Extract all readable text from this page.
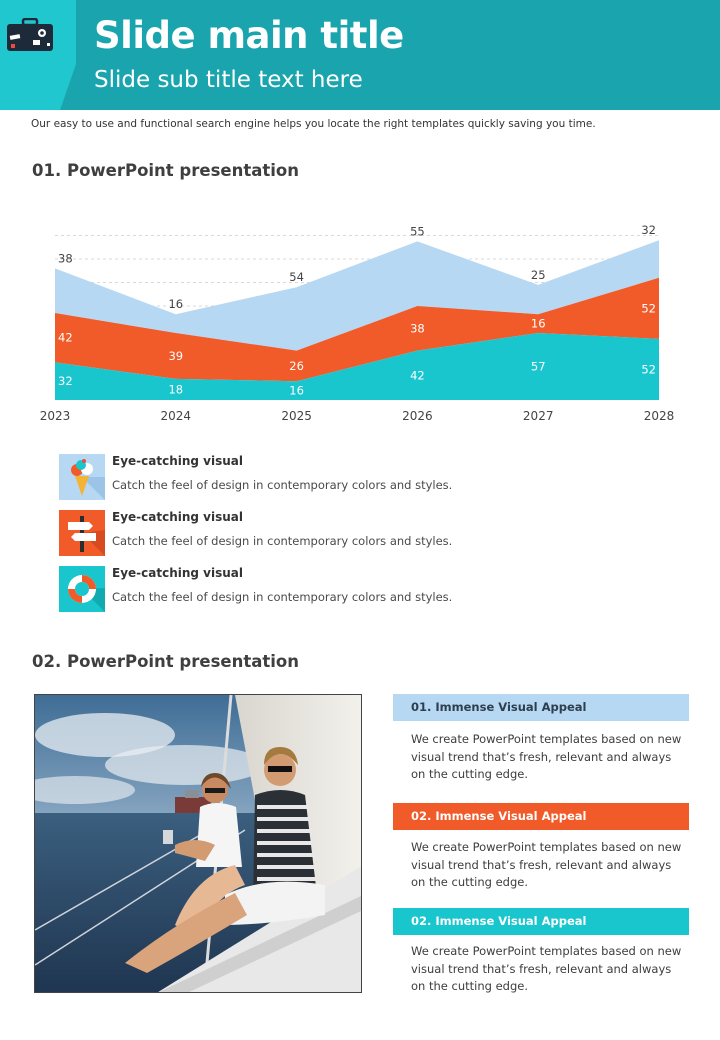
Slide main title
Slide sub title text here
Our easy to use and functional search engine helps you locate the right templates quickly saving you time.
01. PowerPoint presentation
32
18	16
42
57	52
42
39
26
38	16
52
38
16
54
55
25
32
2023	2024	2025	2026	2027	2028
Eye-catching visual
Catch the feel of design in contemporary colors and styles.
Eye-catching visual
Catch the feel of design in contemporary colors and styles.
Eye-catching visual
Catch the feel of design in contemporary colors and styles.
02. PowerPoint presentation
01. Immense Visual Appeal
We create PowerPoint templates based on new visual trend that’s fresh, relevant and always on the cutting edge.
02. Immense Visual Appeal
We create PowerPoint templates based on new visual trend that’s fresh, relevant and always on the cutting edge.
02. Immense Visual Appeal
We create PowerPoint templates based on new visual trend that’s fresh, relevant and always on the cutting edge.
